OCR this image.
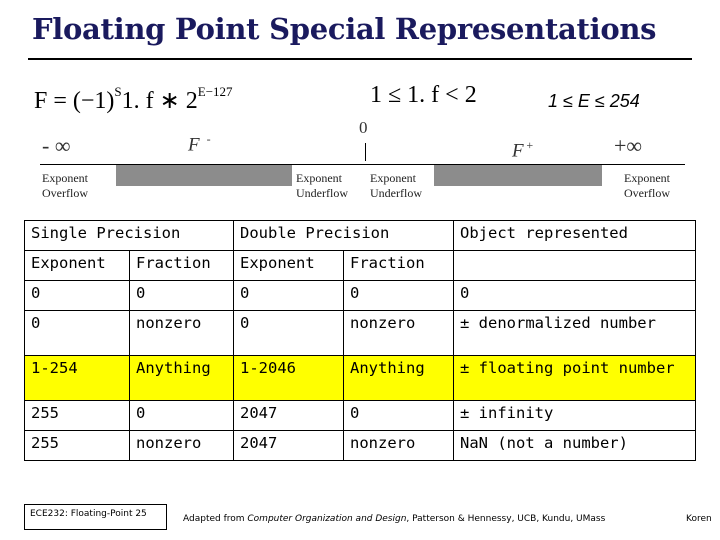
Floating Point Special Representations
$F = (-1)^S1$. f ∗ $2^{E-127}$	1 ≤ 1. f < 2	1 ≤ E ≤ 254
0
- ∞	+∞
F -
F +
Exponent
Overflow
Exponent
Underflow
Exponent
Underflow
Exponent
Overflow
Single Precision		Double Precision		Object represented
Exponent	Fraction	Exponent	Fraction	
0	0	0	0	0
0	nonzero	0	nonzero	± denormalized number
1-254	Anything	1-2046	Anything	± floating point number
255	0	2047	0	± infinity
255	nonzero	2047	nonzero	NaN (not a number)
ECE232: Floating-Point 25	Adapted from Computer Organization and Design, Patterson & Hennessy, UCB, Kundu, UMass	Koren
